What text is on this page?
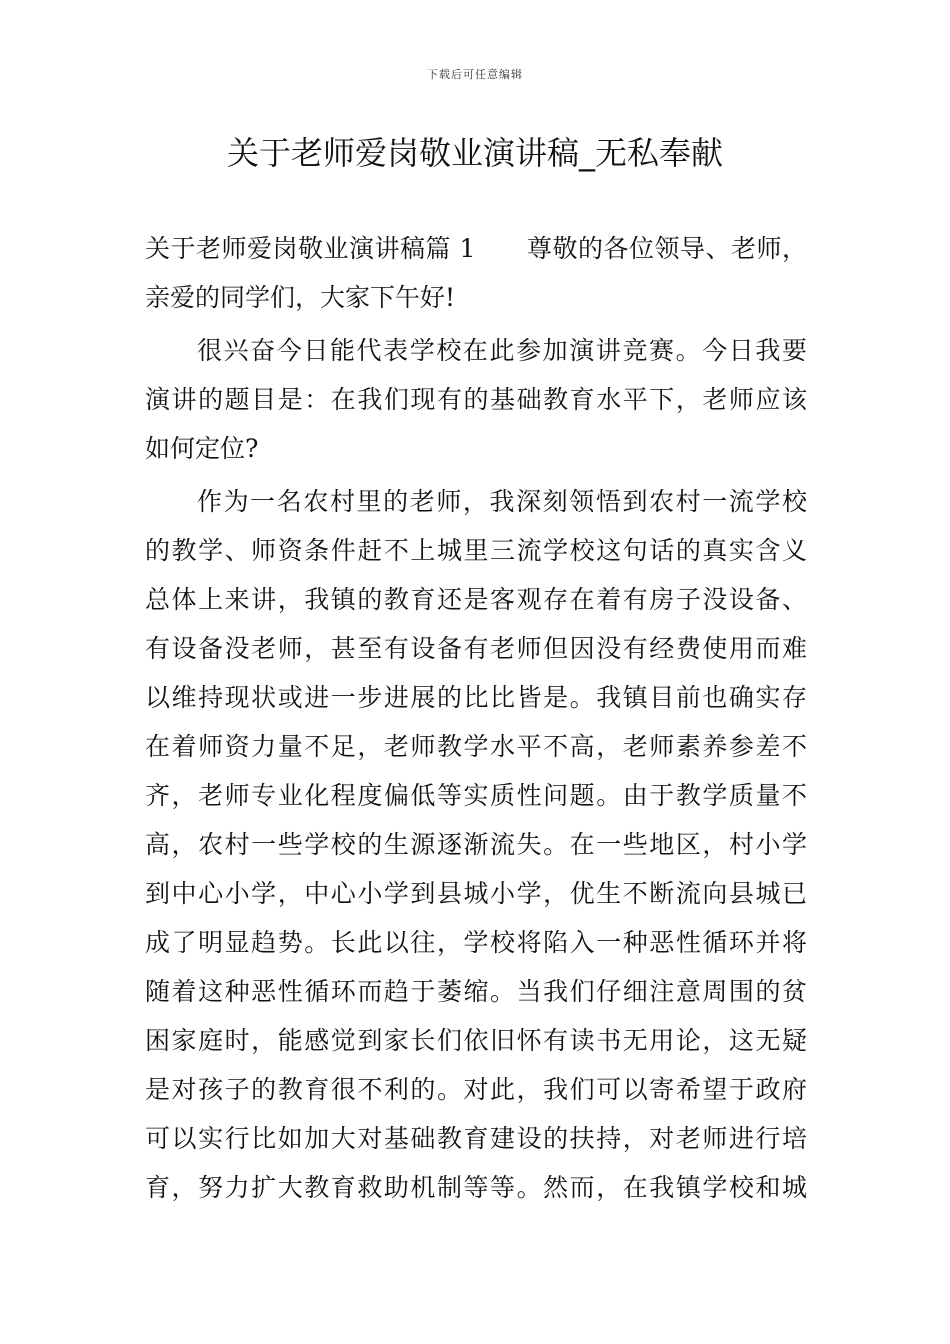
下载后可任意编辑
关于老师爱岗敬业演讲稿_无私奉献
关于老师爱岗敬业演讲稿篇 1　　尊敬的各位领导、老师，
亲爱的同学们，大家下午好!
很兴奋今日能代表学校在此参加演讲竞赛。今日我要
演讲的题目是：在我们现有的基础教育水平下，老师应该
如何定位?
作为一名农村里的老师，我深刻领悟到农村一流学校
的教学、师资条件赶不上城里三流学校这句话的真实含义
总体上来讲，我镇的教育还是客观存在着有房子没设备、
有设备没老师，甚至有设备有老师但因没有经费使用而难
以维持现状或进一步进展的比比皆是。我镇目前也确实存
在着师资力量不足，老师教学水平不高，老师素养参差不
齐，老师专业化程度偏低等实质性问题。由于教学质量不
高，农村一些学校的生源逐渐流失。在一些地区，村小学
到中心小学，中心小学到县城小学，优生不断流向县城已
成了明显趋势。长此以往，学校将陷入一种恶性循环并将
随着这种恶性循环而趋于萎缩。当我们仔细注意周围的贫
困家庭时，能感觉到家长们依旧怀有读书无用论，这无疑
是对孩子的教育很不利的。对此，我们可以寄希望于政府
可以实行比如加大对基础教育建设的扶持，对老师进行培
育，努力扩大教育救助机制等等。然而，在我镇学校和城
